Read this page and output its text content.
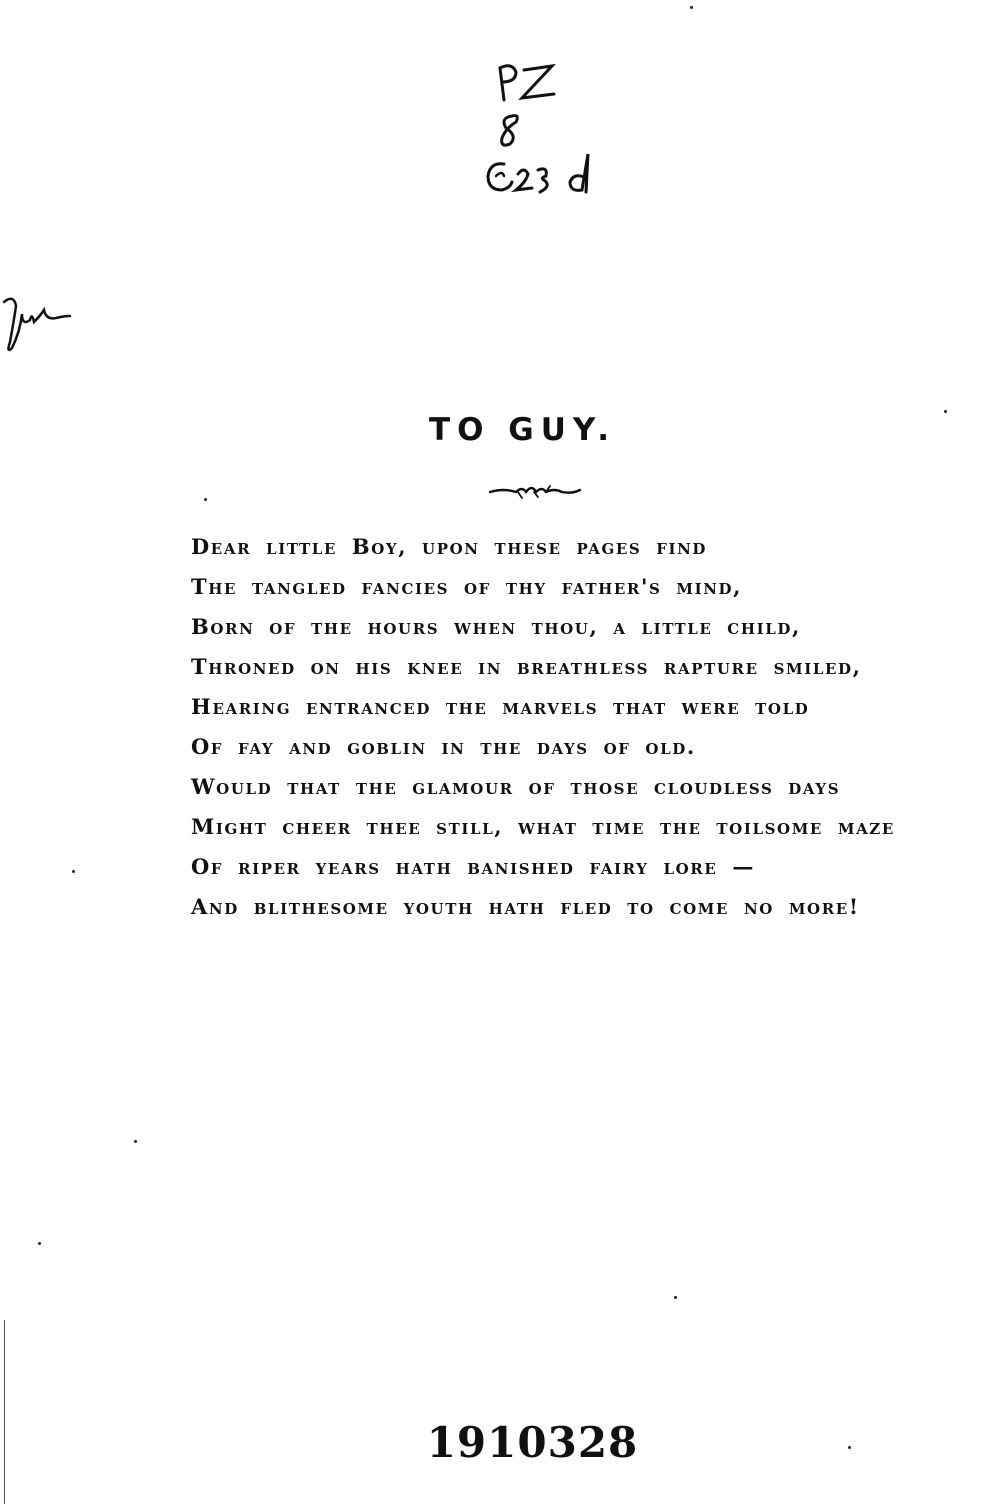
TO GUY.
Dear little Boy, upon these pages find
The tangled fancies of thy father's mind,
Born of the hours when thou, a little child,
Throned on his knee in breathless rapture smiled,
Hearing entranced the marvels that were told
Of fay and goblin in the days of old.
Would that the glamour of those cloudless days
Might cheer thee still, what time the toilsome maze
Of riper years hath banished fairy lore —
And blithesome youth hath fled to come no more!
1910328
